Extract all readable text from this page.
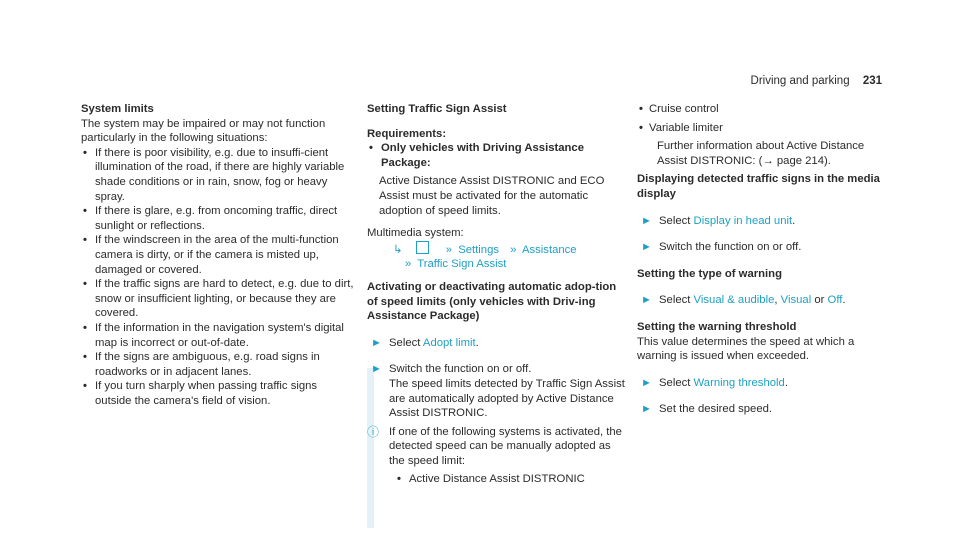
Driving and parking 231

System limits

The system may be impaired or may not function particularly in the following situations:

• If there is poor visibility, e.g. due to insuffi-cient illumination of the road, if there are highly variable shade conditions or in rain, snow, fog or heavy spray.

• If there is glare, e.g. from oncoming traffic, direct sunlight or reflections.

• If the windscreen in the area of the multi-function camera is dirty, or if the camera is misted up, damaged or covered.

• If the traffic signs are hard to detect, e.g. due to dirt, snow or insufficient lighting, or because they are covered.

• If the information in the navigation system's digital map is incorrect or out-of-date.

• If the signs are ambiguous, e.g. road signs in roadworks or in adjacent lanes.

• If you turn sharply when passing traffic signs outside the camera's field of vision.

Setting Traffic Sign Assist

Requirements:

• Only vehicles with Driving Assistance Package:

Active Distance Assist DISTRONIC and ECO Assist must be activated for the automatic adoption of speed limits.

Multimedia system:

↳	» Settings » Assistance

» Traffic Sign Assist

Activating or deactivating automatic adop-tion of speed limits (only vehicles with Driv-ing Assistance Package)

► Select Adopt limit.

► Switch the function on or off.

The speed limits detected by Traffic Sign Assist are automatically adopted by Active Distance Assist DISTRONIC.

ⓘ If one of the following systems is activated, the detected speed can be manually adopted as the speed limit:

• Active Distance Assist DISTRONIC

• Cruise control

• Variable limiter

Further information about Active Distance Assist DISTRONIC: (→ page 214).

Displaying detected traffic signs in the media display

► Select Display in head unit.

► Switch the function on or off.

Setting the type of warning

► Select Visual & audible, Visual or Off.

Setting the warning threshold

This value determines the speed at which a warning is issued when exceeded.

► Select Warning threshold.

► Set the desired speed.
